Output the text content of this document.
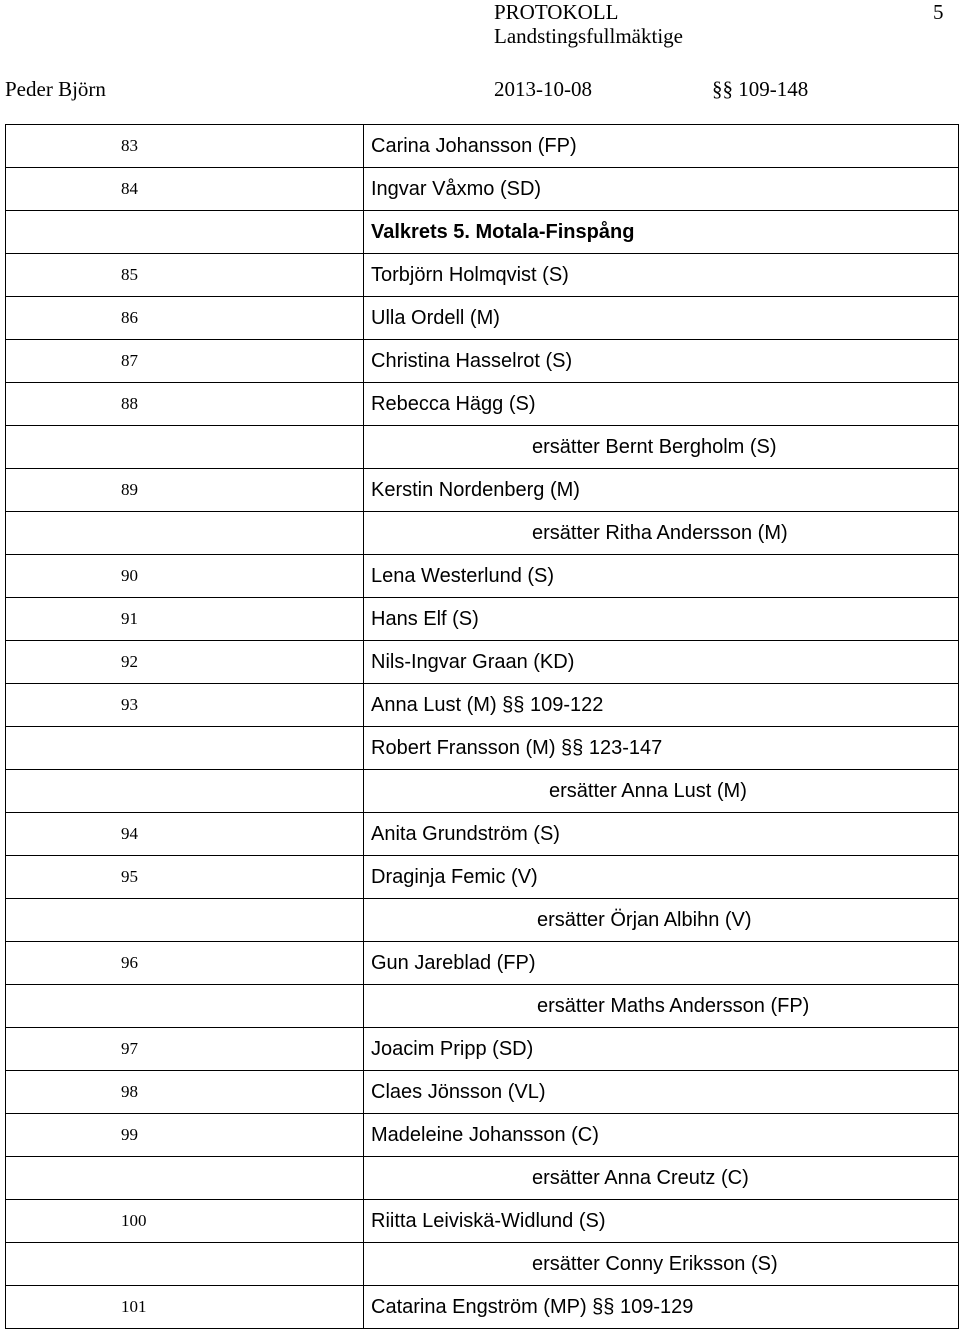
PROTOKOLL	5
Landstingsfullmäktige
Peder Björn	2013-10-08	§§ 109-148
83	Carina Johansson (FP)
84	Ingvar Våxmo (SD)
	Valkrets 5. Motala-Finspång
85	Torbjörn Holmqvist (S)
86	Ulla Ordell (M)
87	Christina Hasselrot (S)
88	Rebecca Hägg (S)

	ersätter Bernt Bergholm (S)

89	Kerstin Nordenberg (M)

	ersätter Ritha Andersson (M)

90	Lena Westerlund (S)
91	Hans Elf (S)
92	Nils-Ingvar Graan (KD)
93	Anna Lust (M) §§ 109-122
	Robert Fransson (M) §§ 123-147

	ersätter Anna Lust (M)

94	Anita Grundström (S)
95	Draginja Femic (V)

	ersätter Örjan Albihn (V)

96	Gun Jareblad (FP)

	ersätter Maths Andersson (FP)

97	Joacim Pripp (SD)
98	Claes Jönsson (VL)
99	Madeleine Johansson (C)

	ersätter Anna Creutz (C)

100	Riitta Leiviskä-Widlund (S)

	ersätter Conny Eriksson (S)

101	Catarina Engström (MP) §§ 109-129
